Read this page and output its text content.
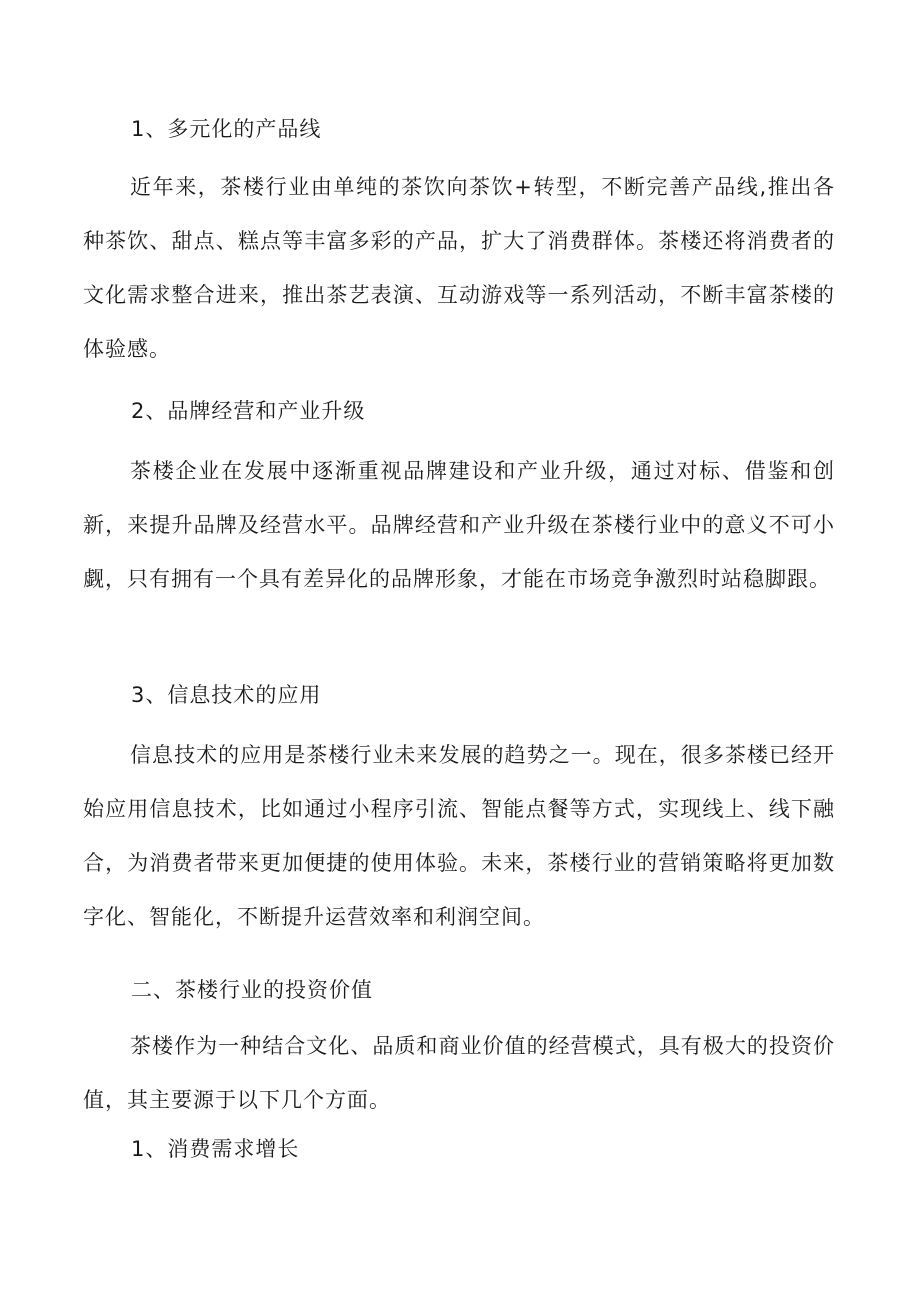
1、多元化的产品线

近年来，茶楼行业由单纯的茶饮向茶饮+转型，不断完善产品线,推出各种茶饮、甜点、糕点等丰富多彩的产品，扩大了消费群体。茶楼还将消费者的文化需求整合进来，推出茶艺表演、互动游戏等一系列活动，不断丰富茶楼的体验感。

2、品牌经营和产业升级

茶楼企业在发展中逐渐重视品牌建设和产业升级，通过对标、借鉴和创新，来提升品牌及经营水平。品牌经营和产业升级在茶楼行业中的意义不可小觑，只有拥有一个具有差异化的品牌形象，才能在市场竞争激烈时站稳脚跟。

3、信息技术的应用

信息技术的应用是茶楼行业未来发展的趋势之一。现在，很多茶楼已经开始应用信息技术，比如通过小程序引流、智能点餐等方式，实现线上、线下融合，为消费者带来更加便捷的使用体验。未来，茶楼行业的营销策略将更加数字化、智能化，不断提升运营效率和利润空间。

二、茶楼行业的投资价值

茶楼作为一种结合文化、品质和商业价值的经营模式，具有极大的投资价值，其主要源于以下几个方面。

1、消费需求增长
